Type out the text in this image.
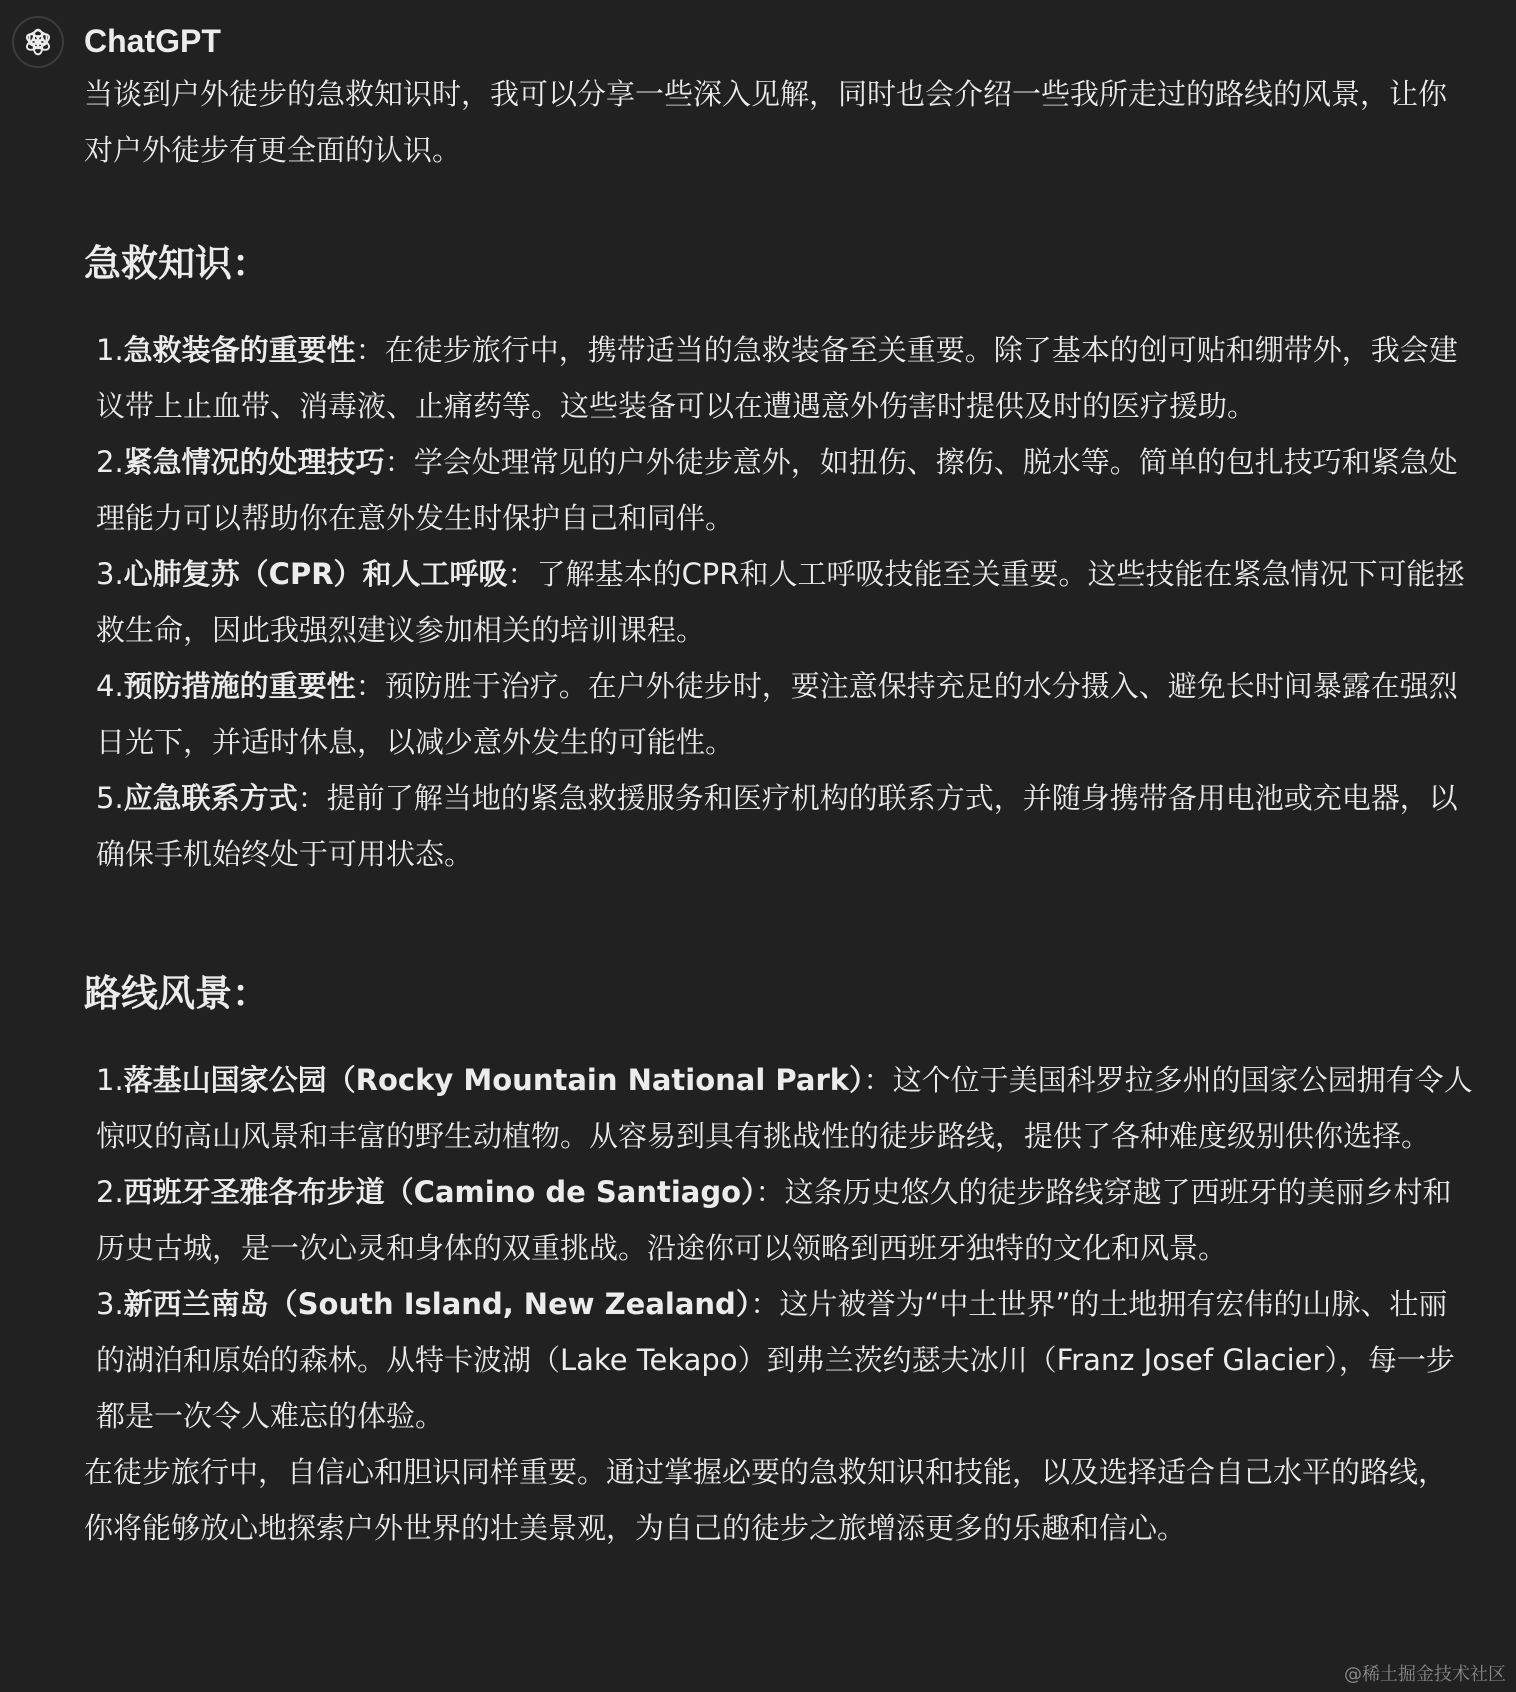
ChatGPT

当谈到户外徒步的急救知识时，我可以分享一些深入见解，同时也会介绍一些我所走过的路线的风景，让你对户外徒步有更全面的认识。

急救知识：
1.急救装备的重要性：在徒步旅行中，携带适当的急救装备至关重要。除了基本的创可贴和绷带外，我会建议带上止血带、消毒液、止痛药等。这些装备可以在遭遇意外伤害时提供及时的医疗援助。
2.紧急情况的处理技巧：学会处理常见的户外徒步意外，如扭伤、擦伤、脱水等。简单的包扎技巧和紧急处理能力可以帮助你在意外发生时保护自己和同伴。
3.心肺复苏（CPR）和人工呼吸：了解基本的CPR和人工呼吸技能至关重要。这些技能在紧急情况下可能拯救生命，因此我强烈建议参加相关的培训课程。
4.预防措施的重要性：预防胜于治疗。在户外徒步时，要注意保持充足的水分摄入、避免长时间暴露在强烈日光下，并适时休息，以减少意外发生的可能性。
5.应急联系方式：提前了解当地的紧急救援服务和医疗机构的联系方式，并随身携带备用电池或充电器，以确保手机始终处于可用状态。
路线风景：
1.落基山国家公园（Rocky Mountain National Park）：这个位于美国科罗拉多州的国家公园拥有令人惊叹的高山风景和丰富的野生动植物。从容易到具有挑战性的徒步路线，提供了各种难度级别供你选择。
2.西班牙圣雅各布步道（Camino de Santiago）：这条历史悠久的徒步路线穿越了西班牙的美丽乡村和历史古城，是一次心灵和身体的双重挑战。沿途你可以领略到西班牙独特的文化和风景。
3.新西兰南岛（South Island, New Zealand）：这片被誉为“中土世界”的土地拥有宏伟的山脉、壮丽的湖泊和原始的森林。从特卡波湖（Lake Tekapo）到弗兰茨约瑟夫冰川（Franz Josef Glacier），每一步都是一次令人难忘的体验。

在徒步旅行中，自信心和胆识同样重要。通过掌握必要的急救知识和技能，以及选择适合自己水平的路线，你将能够放心地探索户外世界的壮美景观，为自己的徒步之旅增添更多的乐趣和信心。

@稀土掘金技术社区
